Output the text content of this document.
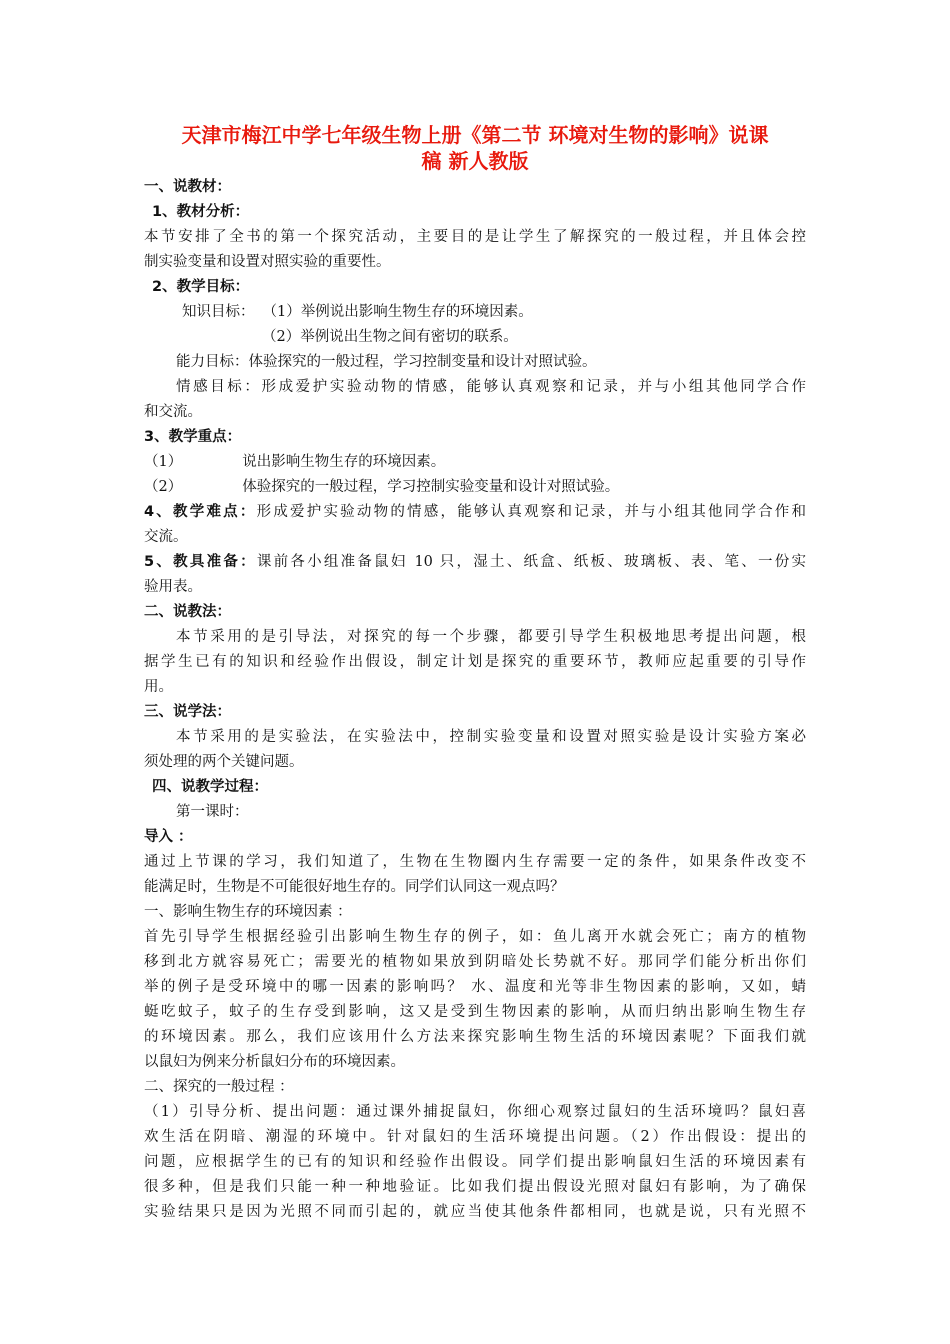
天津市梅江中学七年级生物上册《第二节 环境对生物的影响》说课
稿 新人教版
一、说教材：
1、教材分析：
本节安排了全书的第一个探究活动，主要目的是让学生了解探究的一般过程，并且体会控
制实验变量和设置对照实验的重要性。
2、教学目标：
知识目标： （1）举例说出影响生物生存的环境因素。
（2）举例说出生物之间有密切的联系。
能力目标：体验探究的一般过程，学习控制变量和设计对照试验。
情感目标：形成爱护实验动物的情感，能够认真观察和记录，并与小组其他同学合作
和交流。
3、教学重点：
（1）	说出影响生物生存的环境因素。
（2）	体验探究的一般过程，学习控制实验变量和设计对照试验。
4、教学难点：形成爱护实验动物的情感，能够认真观察和记录，并与小组其他同学合作和
交流。
5、教具准备：课前各小组准备鼠妇 10 只，湿土、纸盒、纸板、玻璃板、表、笔、一份实
验用表。
二、说教法：
本节采用的是引导法，对探究的每一个步骤，都要引导学生积极地思考提出问题，根
据学生已有的知识和经验作出假设，制定计划是探究的重要环节，教师应起重要的引导作
用。
三、说学法：
本节采用的是实验法，在实验法中，控制实验变量和设置对照实验是设计实验方案必
须处理的两个关键问题。
四、说教学过程：
第一课时：
导入 ：
通过上节课的学习，我们知道了，生物在生物圈内生存需要一定的条件，如果条件改变不
能满足时，生物是不可能很好地生存的。同学们认同这一观点吗？
一、影响生物生存的环境因素 ：
首先引导学生根据经验引出影响生物生存的例子，如：鱼儿离开水就会死亡；南方的植物
移到北方就容易死亡；需要光的植物如果放到阴暗处长势就不好。那同学们能分析出你们
举的例子是受环境中的哪一因素的影响吗？ 水、温度和光等非生物因素的影响，又如，蜻
蜓吃蚊子，蚊子的生存受到影响，这又是受到生物因素的影响，从而归纳出影响生物生存
的环境因素。那么，我们应该用什么方法来探究影响生物生活的环境因素呢？下面我们就
以鼠妇为例来分析鼠妇分布的环境因素。
二、探究的一般过程 ：
（1）引导分析、提出问题：通过课外捕捉鼠妇，你细心观察过鼠妇的生活环境吗？鼠妇喜
欢生活在阴暗、潮湿的环境中。针对鼠妇的生活环境提出问题。（2）作出假设：提出的
问题，应根据学生的已有的知识和经验作出假设。同学们提出影响鼠妇生活的环境因素有
很多种，但是我们只能一种一种地验证。比如我们提出假设光照对鼠妇有影响，为了确保
实验结果只是因为光照不同而引起的，就应当使其他条件都相同，也就是说，只有光照不
